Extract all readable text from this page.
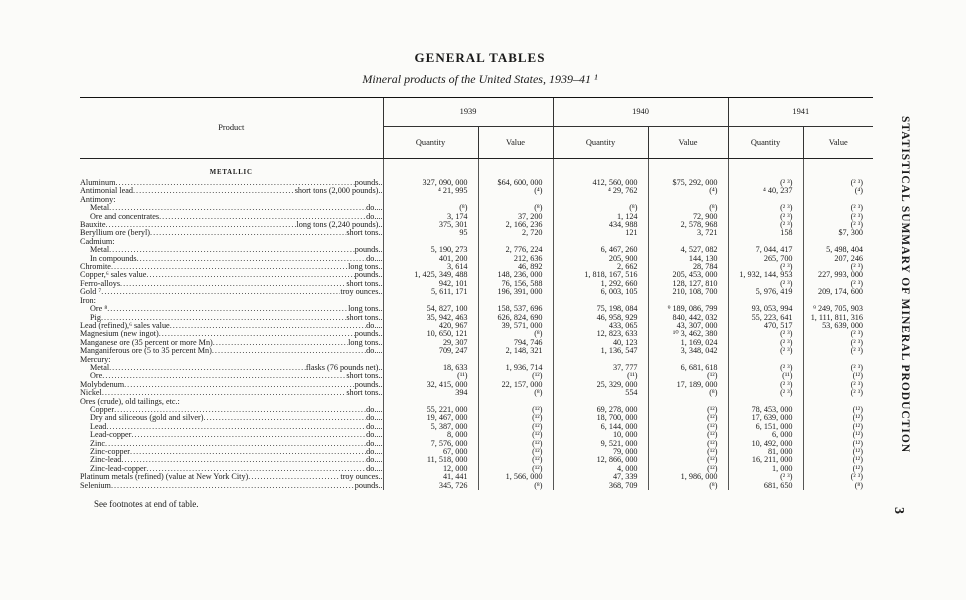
GENERAL TABLES
Mineral products of the United States, 1939–41 ¹
STATISTICAL SUMMARY OF MINERAL PRODUCTION
3
Product	1939		1940		1941	
	Quantity	Value	Quantity	Value	Quantity	Value

METALLIC						

Aluminum ..... pounds..	327, 090, 000	$64, 600, 000	412, 560, 000	$75, 292, 000	(² ³)	(² ³)

Antimonial lead ..... short tons (2,000 pounds)..	⁴ 21, 995	(⁴)	⁴ 29, 762	(⁴)	⁴ 40, 237	(⁴)

Antimony:						

Metal ..... do....	(⁸)	(⁸)	(⁸)	(⁸)	(² ³)	(² ³)

Ore and concentrates ..... do....	3, 174	37, 200	1, 124	72, 900	(² ³)	(² ³)

Bauxite ..... long tons (2,240 pounds)..	375, 301	2, 166, 236	434, 988	2, 578, 968	(² ³)	(² ³)

Beryllium ore (beryl) ..... short tons..	95	2, 720	121	3, 721	158	$7, 300

Cadmium:						

Metal ..... pounds..	5, 190, 273	2, 776, 224	6, 467, 260	4, 527, 082	7, 044, 417	5, 498, 404

In compounds ..... do....	401, 200	212, 636	205, 900	144, 130	265, 700	207, 246

Chromite ..... long tons..	3, 614	46, 892	2, 662	28, 784	(² ³)	(² ³)

Copper,⁶ sales value ..... pounds..	1, 425, 349, 488	148, 236, 000	1, 818, 167, 516	205, 453, 000	1, 932, 144, 953	227, 993, 000

Ferro-alloys ..... short tons..	942, 101	76, 156, 588	1, 292, 660	128, 127, 810	(² ³)	(² ³)

Gold ⁷ ..... troy ounces..	5, 611, 171	196, 391, 000	6, 003, 105	210, 108, 700	5, 976, 419	209, 174, 600

Iron:						

Ore ⁸ ..... long tons..	54, 827, 100	158, 537, 696	75, 198, 084	⁹ 189, 086, 799	93, 053, 994	⁹ 249, 705, 903

Pig ..... short tons..	35, 942, 463	626, 824, 690	46, 958, 929	840, 442, 032	55, 223, 641	1, 111, 811, 316

Lead (refined),⁶ sales value ..... do....	420, 967	39, 571, 000	433, 065	43, 307, 000	470, 517	53, 639, 000

Magnesium (new ingot) ..... pounds..	10, 650, 121	(⁸)	12, 823, 633	¹⁰ 3, 462, 380	(² ³)	(² ³)

Manganese ore (35 percent or more Mn) ..... long tons..	29, 307	794, 746	40, 123	1, 169, 024	(² ³)	(² ³)

Manganiferous ore (5 to 35 percent Mn) ..... do....	709, 247	2, 148, 321	1, 136, 547	3, 348, 042	(² ³)	(² ³)

Mercury:						

Metal ..... flasks (76 pounds net)..	18, 633	1, 936, 714	37, 777	6, 681, 618	(² ³)	(² ³)

Ore ..... short tons..	(¹¹)	(¹²)	(¹¹)	(¹²)	(¹¹)	(¹²)

Molybdenum ..... pounds..	32, 415, 000	22, 157, 000	25, 329, 000	17, 189, 000	(² ³)	(² ³)

Nickel ..... short tons..	394	(⁸)	554	(⁸)	(² ³)	(² ³)

Ores (crude), old tailings, etc.:						

Copper ..... do....	55, 221, 000	(¹²)	69, 278, 000	(¹²)	78, 453, 000	(¹²)

Dry and siliceous (gold and silver) ..... do....	19, 467, 000	(¹²)	18, 700, 000	(¹²)	17, 639, 000	(¹²)

Lead ..... do....	5, 387, 000	(¹²)	6, 144, 000	(¹²)	6, 151, 000	(¹²)

Lead-copper ..... do....	8, 000	(¹²)	10, 000	(¹²)	6, 000	(¹²)

Zinc ..... do....	7, 576, 000	(¹²)	9, 521, 000	(¹²)	10, 492, 000	(¹²)

Zinc-copper ..... do....	67, 000	(¹²)	79, 000	(¹²)	81, 000	(¹²)

Zinc-lead ..... do....	11, 518, 000	(¹²)	12, 866, 000	(¹²)	16, 211, 000	(¹²)

Zinc-lead-copper ..... do....	12, 000	(¹²)	4, 000	(¹²)	1, 000	(¹²)

Platinum metals (refined) (value at New York City) ..... troy ounces..	41, 441	1, 566, 000	47, 339	1, 986, 000	(² ³)	(² ³)

Selenium ..... pounds..	345, 726	(⁸)	368, 709	(⁸)	681, 650	(⁸)
See footnotes at end of table.
